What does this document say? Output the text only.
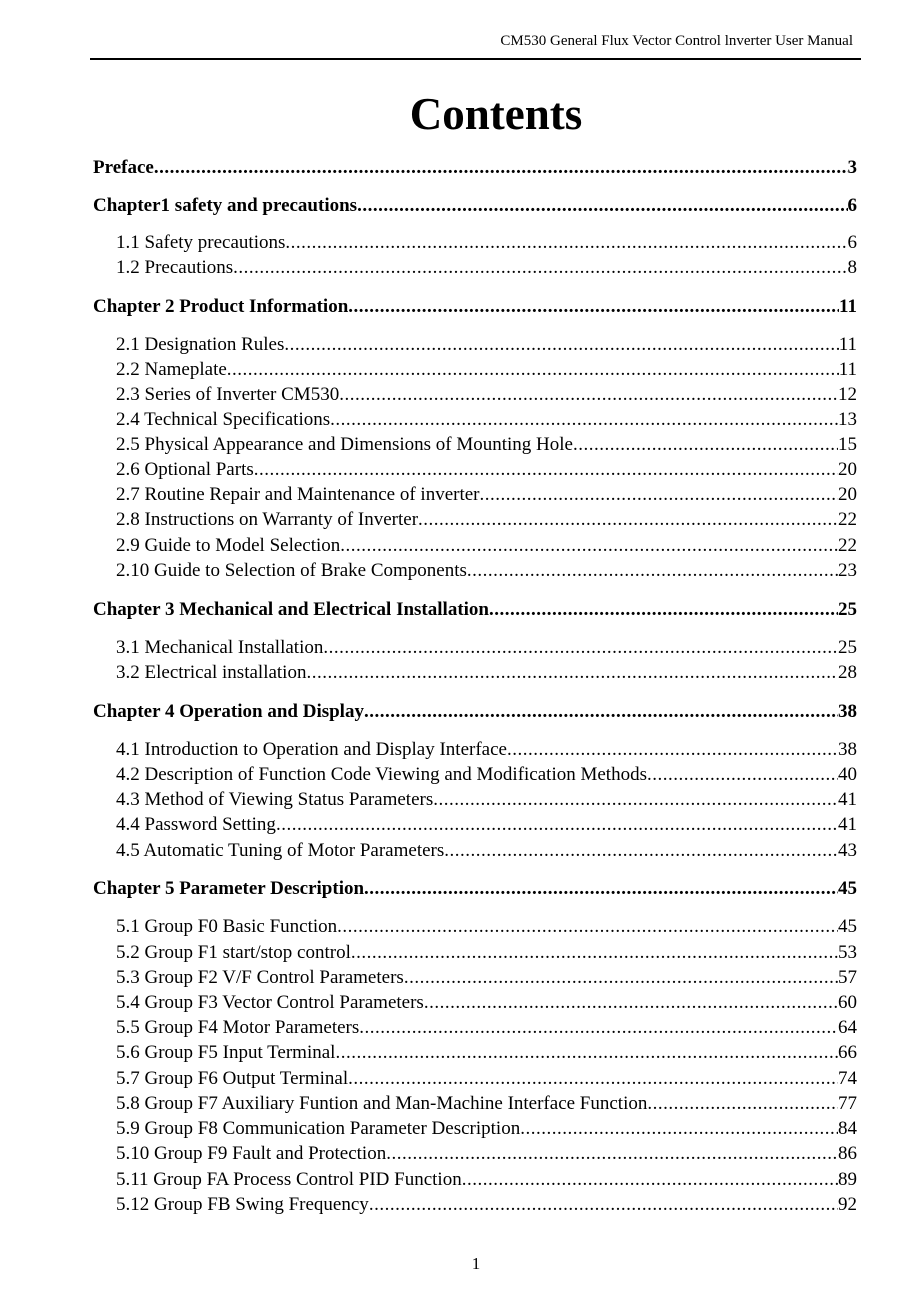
CM530 General Flux Vector Control lnverter User Manual
Contents
Preface .....	3
Chapter1 safety and precautions .....	6
1.1 Safety precautions .....	6
1.2 Precautions .....	8
Chapter 2 Product Information .....	11
2.1 Designation Rules .....	11
2.2 Nameplate .....	11
2.3 Series of Inverter CM530 .....	12
2.4 Technical Specifications .....	13
2.5 Physical Appearance and Dimensions of Mounting Hole .....	15
2.6 Optional Parts .....	20
2.7 Routine Repair and Maintenance of inverter .....	20
2.8 Instructions on Warranty of Inverter .....	22
2.9 Guide to Model Selection .....	22
2.10 Guide to Selection of Brake Components .....	23
Chapter 3 Mechanical and Electrical Installation .....	25
3.1 Mechanical Installation .....	25
3.2 Electrical installation .....	28
Chapter 4 Operation and Display .....	38
4.1 Introduction to Operation and Display Interface .....	38
4.2 Description of Function Code Viewing and Modification Methods .....	40
4.3 Method of Viewing Status Parameters .....	41
4.4 Password Setting .....	41
4.5 Automatic Tuning of Motor Parameters .....	43
Chapter 5 Parameter Description .....	45
5.1 Group F0 Basic Function .....	45
5.2 Group F1 start/stop control .....	53
5.3 Group F2 V/F Control Parameters .....	57
5.4 Group F3 Vector Control Parameters .....	60
5.5 Group F4 Motor Parameters .....	64
5.6 Group F5 Input Terminal .....	66
5.7 Group F6 Output Terminal .....	74
5.8 Group F7 Auxiliary Funtion and Man-Machine Interface Function .....	77
5.9 Group F8 Communication Parameter Description .....	84
5.10 Group F9 Fault and Protection .....	86
5.11 Group FA Process Control PID Function .....	89
5.12 Group FB Swing Frequency .....	92
1
